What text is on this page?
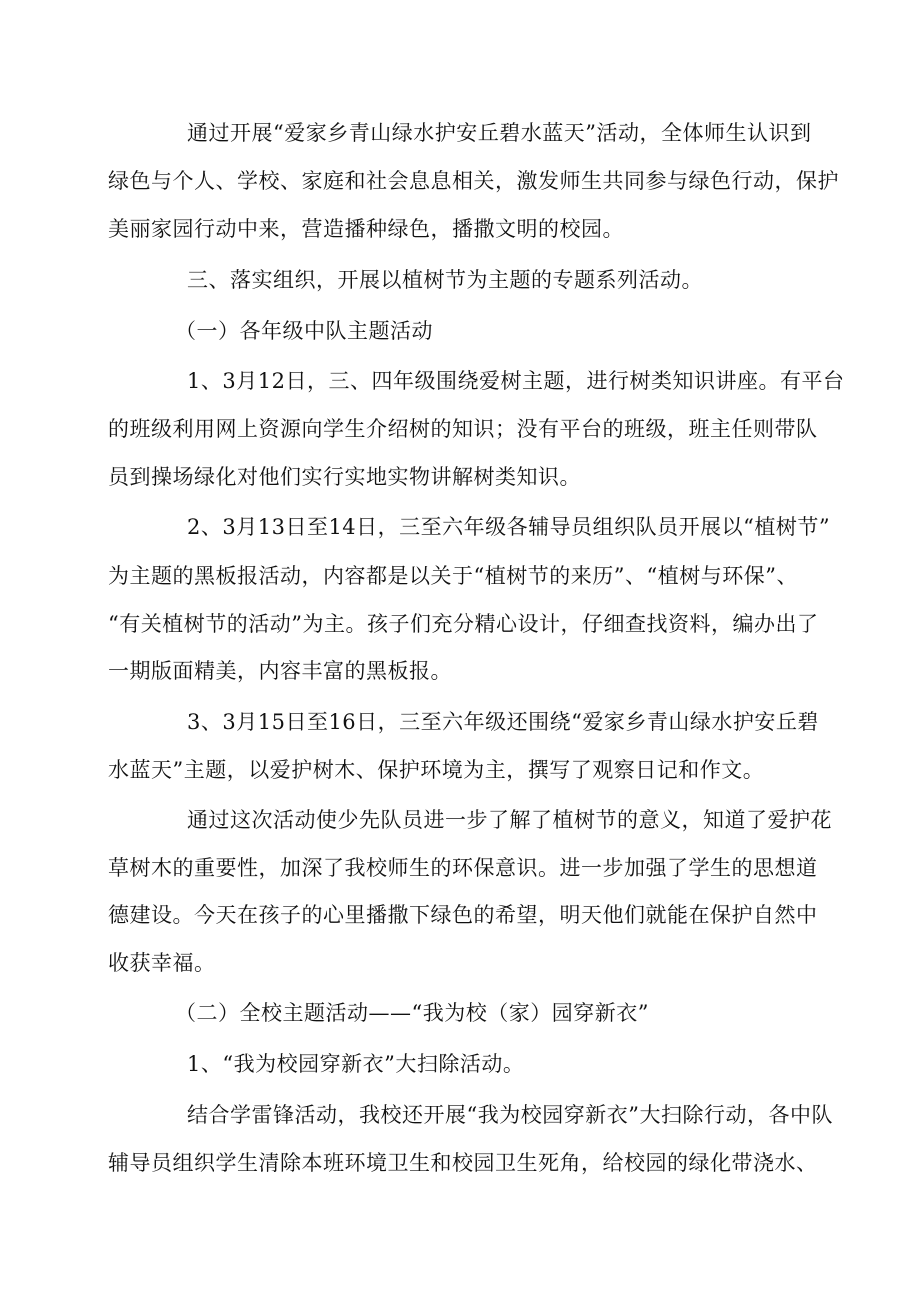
通过开展“爱家乡青山绿水护安丘碧水蓝天”活动，全体师生认识到

绿色与个人、学校、家庭和社会息息相关，激发师生共同参与绿色行动，保护

美丽家园行动中来，营造播种绿色，播撒文明的校园。

三、落实组织，开展以植树节为主题的专题系列活动。

（一）各年级中队主题活动

1、3月12日，三、四年级围绕爱树主题，进行树类知识讲座。有平台

的班级利用网上资源向学生介绍树的知识；没有平台的班级，班主任则带队

员到操场绿化对他们实行实地实物讲解树类知识。

2、3月13日至14日，三至六年级各辅导员组织队员开展以“植树节”

为主题的黑板报活动，内容都是以关于“植树节的来历”、“植树与环保”、

“有关植树节的活动”为主。孩子们充分精心设计，仔细查找资料，编办出了

一期版面精美，内容丰富的黑板报。

3、3月15日至16日，三至六年级还围绕“爱家乡青山绿水护安丘碧

水蓝天”主题，以爱护树木、保护环境为主，撰写了观察日记和作文。

通过这次活动使少先队员进一步了解了植树节的意义，知道了爱护花

草树木的重要性，加深了我校师生的环保意识。进一步加强了学生的思想道

德建设。今天在孩子的心里播撒下绿色的希望，明天他们就能在保护自然中

收获幸福。

（二）全校主题活动——“我为校（家）园穿新衣”

1、“我为校园穿新衣”大扫除活动。

结合学雷锋活动，我校还开展“我为校园穿新衣”大扫除行动，各中队

辅导员组织学生清除本班环境卫生和校园卫生死角，给校园的绿化带浇水、
